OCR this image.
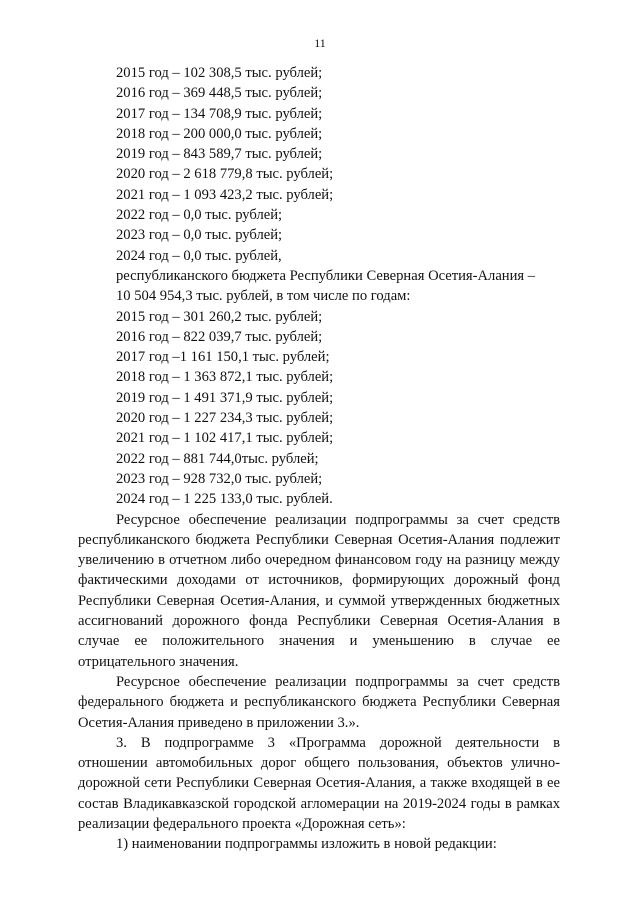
11

2015 год – 102 308,5 тыс. рублей;

2016 год – 369 448,5 тыс. рублей;

2017 год – 134 708,9 тыс. рублей;

2018 год – 200 000,0 тыс. рублей;

2019 год – 843 589,7 тыс. рублей;

2020 год – 2 618 779,8 тыс. рублей;

2021 год – 1 093 423,2 тыс. рублей;

2022 год – 0,0 тыс. рублей;

2023 год – 0,0 тыс. рублей;

2024 год – 0,0 тыс. рублей,

республиканского бюджета Республики Северная Осетия-Алания –

10 504 954,3 тыс. рублей, в том числе по годам:

2015 год – 301 260,2 тыс. рублей;

2016 год – 822 039,7 тыс. рублей;

2017 год –1 161 150,1 тыс. рублей;

2018 год – 1 363 872,1 тыс. рублей;

2019 год – 1 491 371,9 тыс. рублей;

2020 год – 1 227 234,3 тыс. рублей;

2021 год – 1 102 417,1 тыс. рублей;

2022 год – 881 744,0тыс. рублей;

2023 год – 928 732,0 тыс. рублей;

2024 год – 1 225 133,0 тыс. рублей.

Ресурсное обеспечение реализации подпрограммы за счет средств республиканского бюджета Республики Северная Осетия-Алания подлежит увеличению в отчетном либо очередном финансовом году на разницу между фактическими доходами от источников, формирующих дорожный фонд Республики Северная Осетия-Алания, и суммой утвержденных бюджетных ассигнований дорожного фонда Республики Северная Осетия-Алания в случае ее положительного значения и уменьшению в случае ее отрицательного значения.

Ресурсное обеспечение реализации подпрограммы за счет средств федерального бюджета и республиканского бюджета Республики Северная Осетия-Алания приведено в приложении 3.».

3. В подпрограмме 3 «Программа дорожной деятельности в отношении автомобильных дорог общего пользования, объектов улично-дорожной сети Республики Северная Осетия-Алания, а также входящей в ее состав Владикавказской городской агломерации на 2019-2024 годы в рамках реализации федерального проекта «Дорожная сеть»:

1) наименовании подпрограммы изложить в новой редакции:
